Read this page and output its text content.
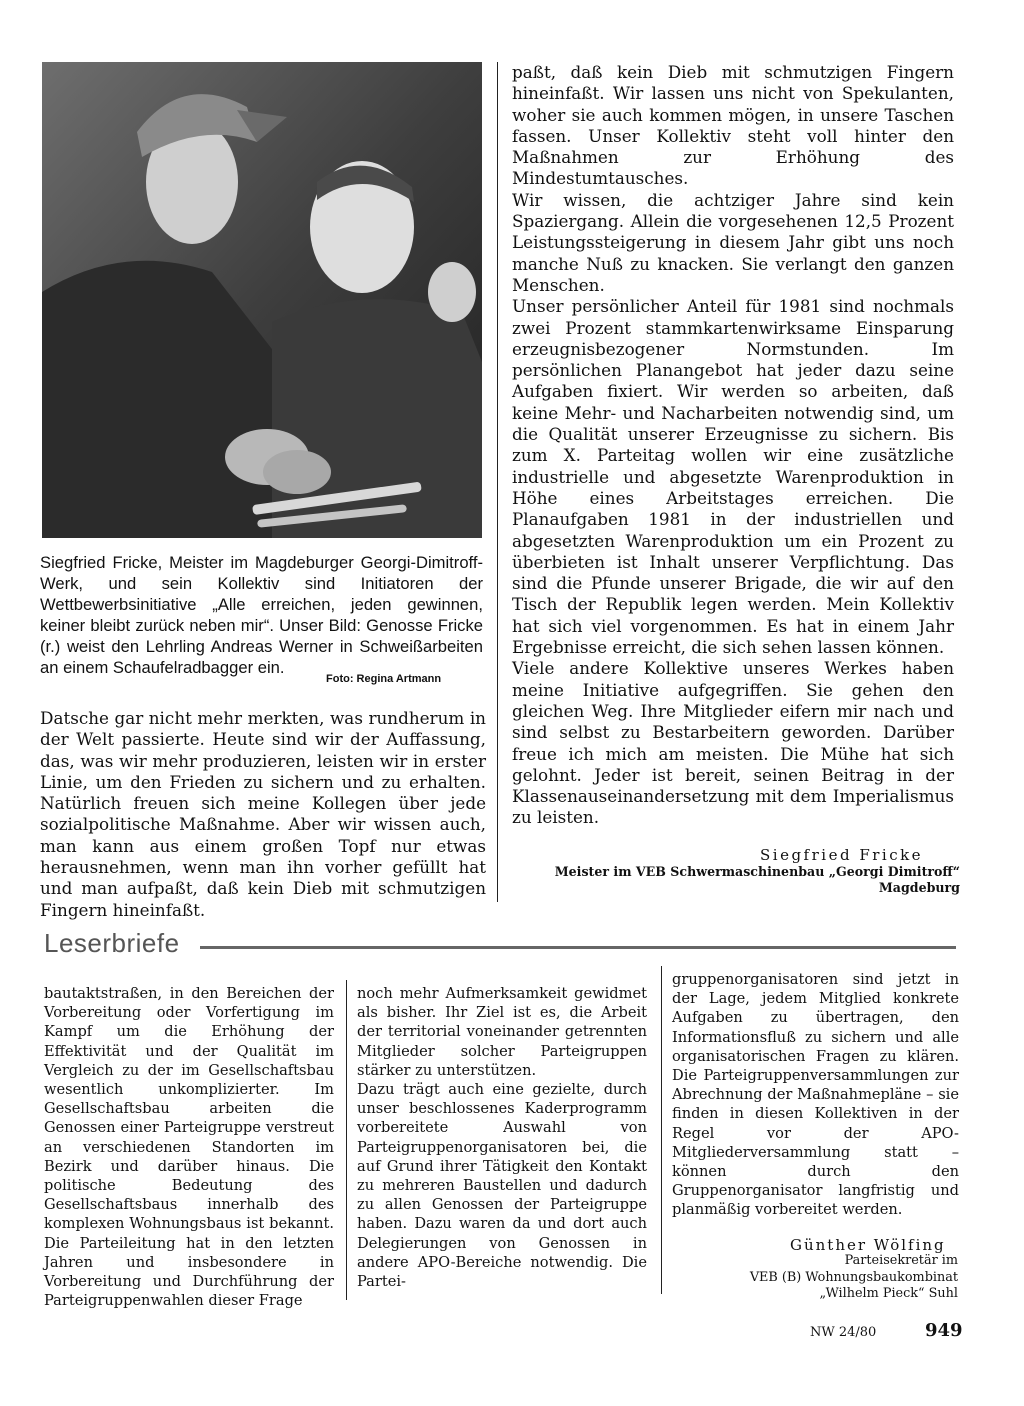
Siegfried Fricke, Meister im Magdeburger Georgi-Dimitroff-Werk, und sein Kollektiv sind Initiatoren der Wettbewerbsinitiative „Alle erreichen, jeden gewinnen, keiner bleibt zurück neben mir“. Unser Bild: Genosse Fricke (r.) weist den Lehrling Andreas Werner in Schweißarbeiten an einem Schaufelradbagger ein.
Foto: Regina Artmann

Datsche gar nicht mehr merkten, was rundherum in der Welt passierte. Heute sind wir der Auffassung, das, was wir mehr produzieren, leisten wir in erster Linie, um den Frieden zu sichern und zu erhalten. Natürlich freuen sich meine Kollegen über jede sozialpolitische Maßnahme. Aber wir wissen auch, man kann aus einem großen Topf nur etwas herausnehmen, wenn man ihn vorher gefüllt hat und man aufpaßt, daß kein Dieb mit schmutzigen Fingern hineinfaßt.

paßt, daß kein Dieb mit schmutzigen Fingern hineinfaßt. Wir lassen uns nicht von Spekulanten, woher sie auch kommen mögen, in unsere Taschen fassen. Unser Kollektiv steht voll hinter den Maßnahmen zur Erhöhung des Mindestumtausches.

Wir wissen, die achtziger Jahre sind kein Spaziergang. Allein die vorgesehenen 12,5 Prozent Leistungssteigerung in diesem Jahr gibt uns noch manche Nuß zu knacken. Sie verlangt den ganzen Menschen.

Unser persönlicher Anteil für 1981 sind nochmals zwei Prozent stammkartenwirksame Einsparung erzeugnisbezogener Normstunden. Im persönlichen Planangebot hat jeder dazu seine Aufgaben fixiert. Wir werden so arbeiten, daß keine Mehr- und Nacharbeiten notwendig sind, um die Qualität unserer Erzeugnisse zu sichern. Bis zum X. Parteitag wollen wir eine zusätzliche industrielle und abgesetzte Warenproduktion in Höhe eines Arbeitstages erreichen. Die Planaufgaben 1981 in der industriellen und abgesetzten Warenproduktion um ein Prozent zu überbieten ist Inhalt unserer Verpflichtung. Das sind die Pfunde unserer Brigade, die wir auf den Tisch der Republik legen werden. Mein Kollektiv hat sich viel vorgenommen. Es hat in einem Jahr Ergebnisse erreicht, die sich sehen lassen können.

Viele andere Kollektive unseres Werkes haben meine Initiative aufgegriffen. Sie gehen den gleichen Weg. Ihre Mitglieder eifern mir nach und sind selbst zu Bestarbeitern geworden. Darüber freue ich mich am meisten. Die Mühe hat sich gelohnt. Jeder ist bereit, seinen Beitrag in der Klassenauseinandersetzung mit dem Imperialismus zu leisten.

Siegfried Fricke
Meister im VEB Schwermaschinenbau „Georgi Dimitroff“
Magdeburg
Leserbriefe

bautaktstraßen, in den Bereichen der Vorbereitung oder Vorfertigung im Kampf um die Erhöhung der Effektivität und der Qualität im Vergleich zu der im Gesellschaftsbau wesentlich unkomplizierter. Im Gesellschaftsbau arbeiten die Genossen einer Parteigruppe verstreut an verschiedenen Standorten im Bezirk und darüber hinaus. Die politische Bedeutung des Gesellschaftsbaus innerhalb des komplexen Wohnungsbaus ist bekannt. Die Parteileitung hat in den letzten Jahren und insbesondere in Vorbereitung und Durchführung der Parteigruppenwahlen dieser Frage

noch mehr Aufmerksamkeit gewidmet als bisher. Ihr Ziel ist es, die Arbeit der territorial voneinander getrennten Mitglieder solcher Parteigruppen stärker zu unterstützen.

Dazu trägt auch eine gezielte, durch unser beschlossenes Kaderprogramm vorbereitete Auswahl von Parteigruppenorganisatoren bei, die auf Grund ihrer Tätigkeit den Kontakt zu mehreren Baustellen und dadurch zu allen Genossen der Parteigruppe haben. Dazu waren da und dort auch Delegierungen von Genossen in andere APO-Bereiche notwendig. Die Partei-

gruppenorganisatoren sind jetzt in der Lage, jedem Mitglied konkrete Aufgaben zu übertragen, den Informationsfluß zu sichern und alle organisatorischen Fragen zu klären. Die Parteigruppenversammlungen zur Abrechnung der Maßnahmepläne – sie finden in diesen Kollektiven in der Regel vor der APO-Mitgliederversammlung statt – können durch den Gruppenorganisator langfristig und planmäßig vorbereitet werden.

Günther Wölfing
Parteisekretär im
VEB (B) Wohnungsbaukombinat
„Wilhelm Pieck“ Suhl
NW 24/80	949
